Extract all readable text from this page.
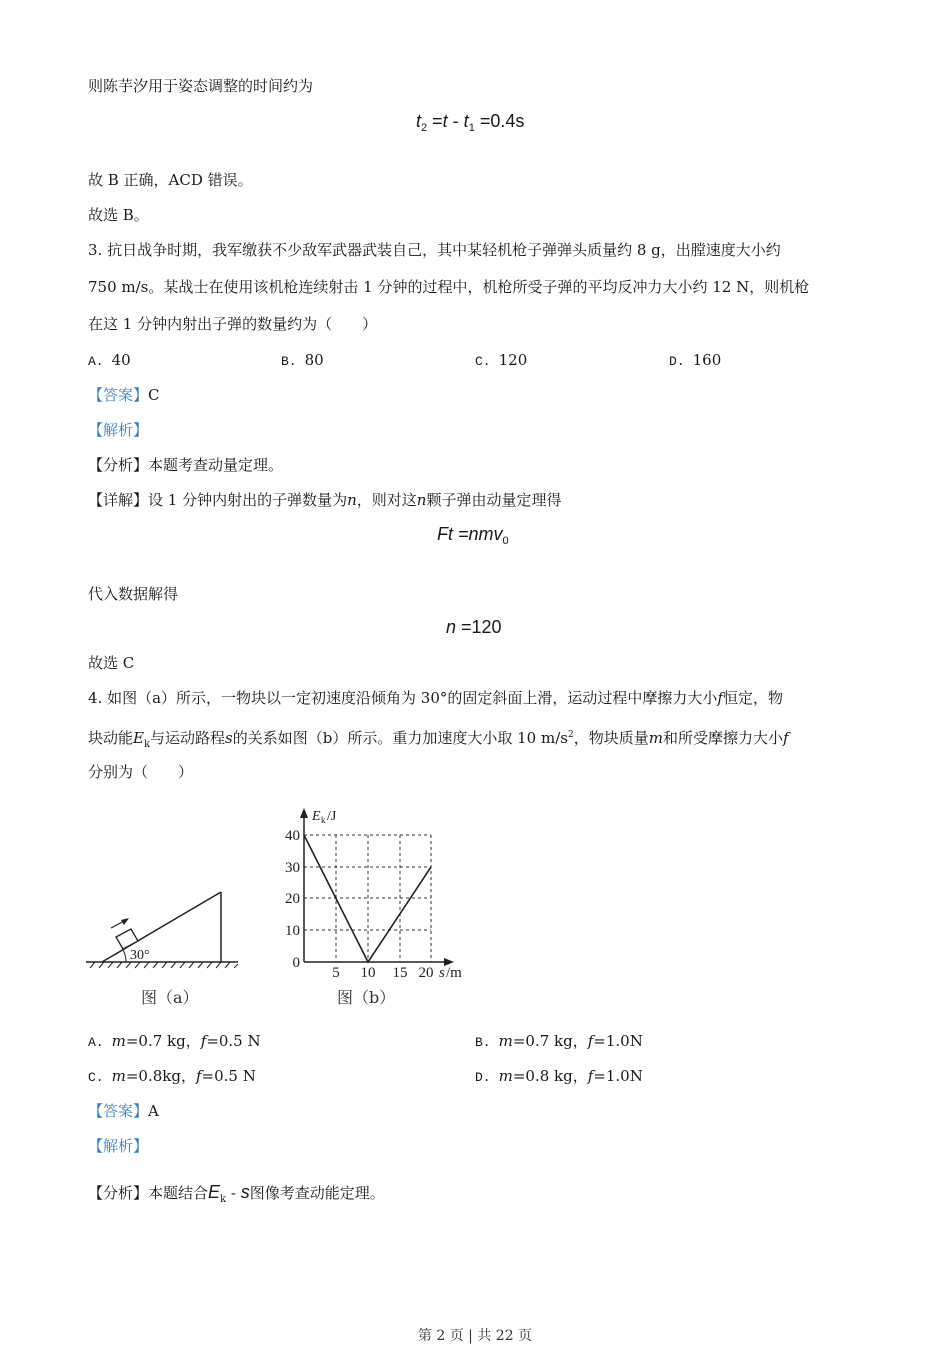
则陈芋汐用于姿态调整的时间约为
$t_2 =t - t_1 =0.4s$
故 B 正确，ACD 错误。
故选 B。
3. 抗日战争时期，我军缴获不少敌军武器武装自己，其中某轻机枪子弹弹头质量约 8 g，出膛速度大小约
750 m/s。某战士在使用该机枪连续射击 1 分钟的过程中，机枪所受子弹的平均反冲力大小约 12 N，则机枪
在这 1 分钟内射出子弹的数量约为（　　）
A. 40	B. 80	C. 120	D. 160
【答案】C
【解析】
【分析】本题考查动量定理。
【详解】设 1 分钟内射出的子弹数量为n，则对这n颗子弹由动量定理得
Ft =nmv$_0$
代入数据解得
n =120
故选 C
4. 如图（a）所示，一物块以一定初速度沿倾角为 30°的固定斜面上滑，运动过程中摩擦力大小f恒定，物
块动能$E_k$与运动路程s的关系如图（b）所示。重力加速度大小取 10 $m/s^2$，物块质量m和所受摩擦力大小f
分别为（　　）
30°
图（a）
40
30
20
10
0
5 10 15 20
E k /J
s /m
图（b）
A. m=0.7 kg，f=0.5 N	B. m=0.7 kg，f=1.0N
C. m=0.8kg，f=0.5 N	D. m=0.8 kg，f=1.0N
【答案】A
【解析】
【分析】本题结合$E_k$ - s图像考查动能定理。
第 2 页 | 共 22 页
